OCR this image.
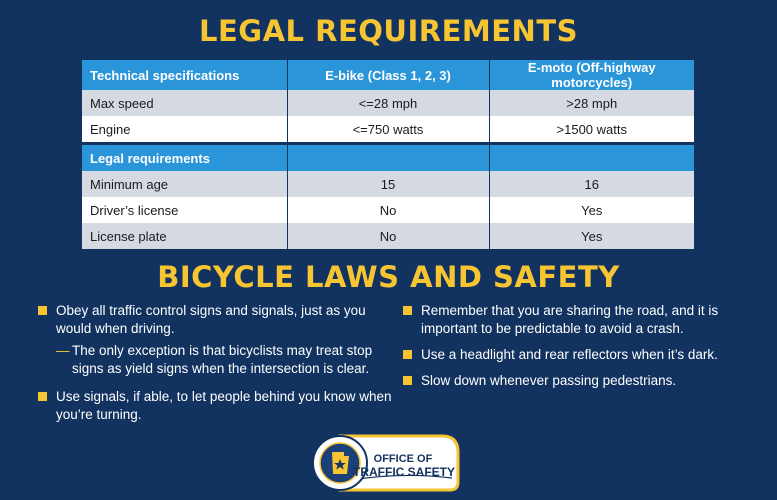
LEGAL REQUIREMENTS
Technical specifications	E-bike (Class 1, 2, 3)	E-moto (Off-highway motorcycles)
Max speed	<=28 mph	>28 mph
Engine	<=750 watts	>1500 watts

Legal requirements		
Minimum age	15	16
Driver’s license	No	Yes
License plate	No	Yes
BICYCLE LAWS AND SAFETY
Obey all traffic control signs and signals, just as you would when driving.
— The only exception is that bicyclists may treat stop signs as yield signs when the intersection is clear.
Use signals, if able, to let people behind you know when you’re turning.
Remember that you are sharing the road, and it is important to be predictable to avoid a crash.
Use a headlight and rear reflectors when it’s dark.
Slow down whenever passing pedestrians.
OFFICE OF
TRAFFIC SAFETY
